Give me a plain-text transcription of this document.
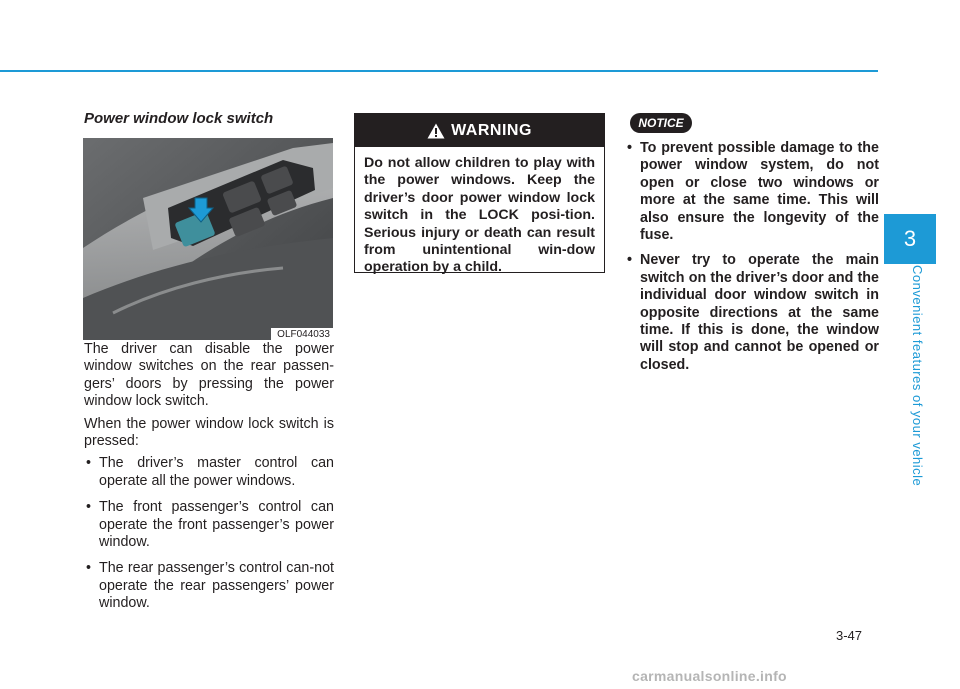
3
Convenient features of your vehicle
Power window lock switch
OLF044033

The driver can disable the power window switches on the rear passen-gers’ doors by pressing the power window lock switch.

When the power window lock switch is pressed:

• The driver’s master control can operate all the power windows.
• The front passenger’s control can operate the front passenger’s power window.
• The rear passenger’s control can-not operate the rear passengers’ power window.
WARNING
Do not allow children to play with the power windows. Keep the driver’s door power window lock switch in the LOCK posi-tion. Serious injury or death can result from unintentional win-dow operation by a child.
NOTICE
• To prevent possible damage to the power window system, do not open or close two windows or more at the same time. This will also ensure the longevity of the fuse.
• Never try to operate the main switch on the driver’s door and the individual door window switch in opposite directions at the same time. If this is done, the window will stop and cannot be opened or closed.
3-47
carmanualsonline.info
